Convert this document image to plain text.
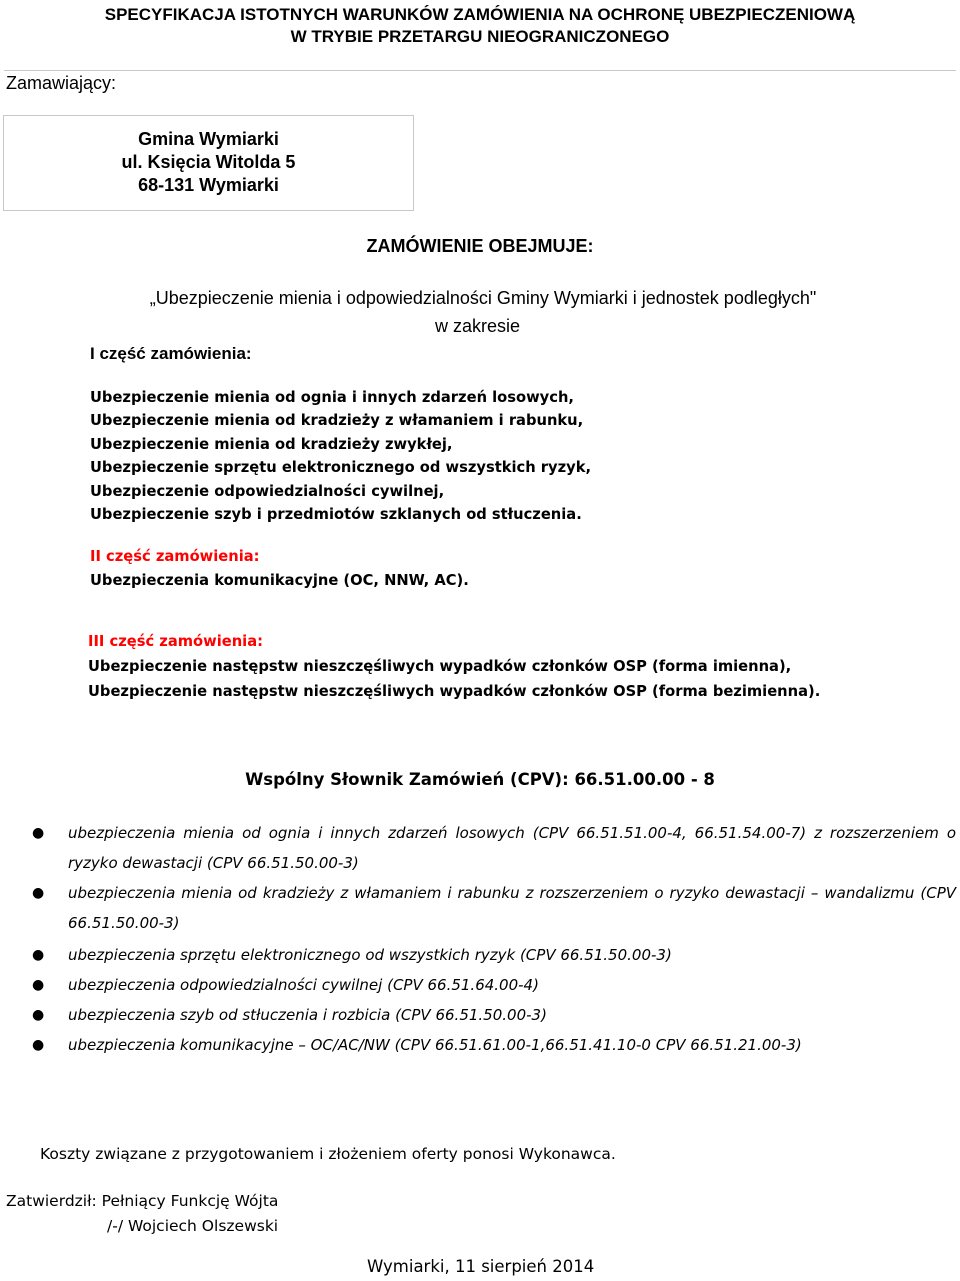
SPECYFIKACJA ISTOTNYCH WARUNKÓW ZAMÓWIENIA NA OCHRONĘ UBEZPIECZENIOWĄ
W TRYBIE PRZETARGU NIEOGRANICZONEGO
Zamawiający:
Gmina Wymiarki
ul. Księcia Witolda 5
68-131 Wymiarki
ZAMÓWIENIE OBEJMUJE:
„Ubezpieczenie mienia i odpowiedzialności Gminy Wymiarki i jednostek podległych"
w zakresie
I część zamówienia:
Ubezpieczenie mienia od ognia i innych zdarzeń losowych,
Ubezpieczenie mienia od kradzieży z włamaniem i rabunku,
Ubezpieczenie mienia od kradzieży zwykłej,
Ubezpieczenie sprzętu elektronicznego od wszystkich ryzyk,
Ubezpieczenie odpowiedzialności cywilnej,
Ubezpieczenie szyb i przedmiotów szklanych od stłuczenia.
II część zamówienia:
Ubezpieczenia komunikacyjne (OC, NNW, AC).
III część zamówienia:
Ubezpieczenie następstw nieszczęśliwych wypadków członków OSP (forma imienna),
Ubezpieczenie następstw nieszczęśliwych wypadków członków OSP (forma bezimienna).
Wspólny Słownik Zamówień (CPV): 66.51.00.00 - 8
● ubezpieczenia mienia od ognia i innych zdarzeń losowych (CPV 66.51.51.00-4, 66.51.54.00-7) z rozszerzeniem o ryzyko dewastacji (CPV 66.51.50.00-3)
● ubezpieczenia mienia od kradzieży z włamaniem i rabunku z rozszerzeniem o ryzyko dewastacji – wandalizmu (CPV 66.51.50.00-3)
● ubezpieczenia sprzętu elektronicznego od wszystkich ryzyk (CPV 66.51.50.00-3)
● ubezpieczenia odpowiedzialności cywilnej (CPV 66.51.64.00-4)
● ubezpieczenia szyb od stłuczenia i rozbicia (CPV 66.51.50.00-3)
● ubezpieczenia komunikacyjne – OC/AC/NW (CPV 66.51.61.00-1,66.51.41.10-0 CPV 66.51.21.00-3)
Koszty związane z przygotowaniem i złożeniem oferty ponosi Wykonawca.
Zatwierdził: Pełniący Funkcję Wójta
/-/ Wojciech Olszewski
Wymiarki, 11 sierpień 2014
